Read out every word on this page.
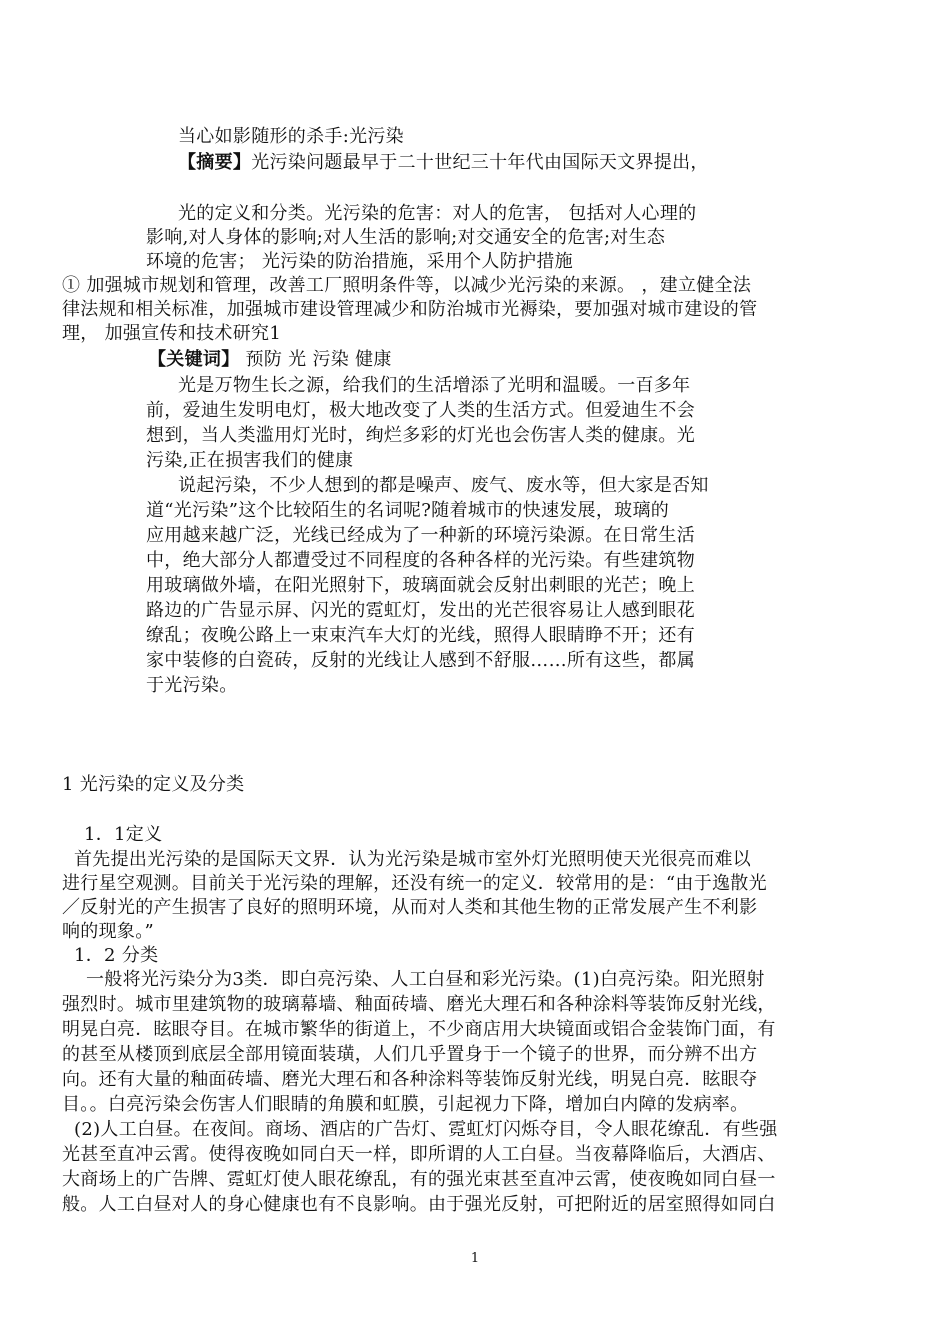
当心如影随形的杀手:光污染
【摘要】光污染问题最早于二十世纪三十年代由国际天文界提出，
光的定义和分类。光污染的危害：对人的危害， 包括对人心理的
影响,对人身体的影响;对人生活的影响;对交通安全的危害;对生态
环境的危害； 光污染的防治措施，采用个人防护措施
① 加强城市规划和管理，改善工厂照明条件等，以减少光污染的来源。 ，建立健全法
律法规和相关标准，加强城市建设管理减少和防治城市光褥染，要加强对城市建设的管
理， 加强宣传和技术研究1
【关键词】 预防 光 污染 健康
光是万物生长之源，给我们的生活增添了光明和温暖。一百多年
前，爱迪生发明电灯，极大地改变了人类的生活方式。但爱迪生不会
想到，当人类滥用灯光时，绚烂多彩的灯光也会伤害人类的健康。光
污染,正在损害我们的健康
说起污染，不少人想到的都是噪声、废气、废水等，但大家是否知
道“光污染”这个比较陌生的名词呢?随着城市的快速发展，玻璃的
应用越来越广泛，光线已经成为了一种新的环境污染源。在日常生活
中，绝大部分人都遭受过不同程度的各种各样的光污染。有些建筑物
用玻璃做外墙，在阳光照射下，玻璃面就会反射出刺眼的光芒；晚上
路边的广告显示屏、闪光的霓虹灯，发出的光芒很容易让人感到眼花
缭乱；夜晚公路上一束束汽车大灯的光线，照得人眼睛睁不开；还有
家中装修的白瓷砖，反射的光线让人感到不舒服……所有这些，都属
于光污染。
1 光污染的定义及分类
1．1定义
首先提出光污染的是国际天文界．认为光污染是城市室外灯光照明使天光很亮而难以
进行星空观测。目前关于光污染的理解，还没有统一的定义．较常用的是：“由于逸散光
／反射光的产生损害了良好的照明环境，从而对人类和其他生物的正常发展产生不利影
响的现象。”
1．2 分类
一般将光污染分为3类．即白亮污染、人工白昼和彩光污染。(1)白亮污染。阳光照射
强烈时。城市里建筑物的玻璃幕墙、釉面砖墙、磨光大理石和各种涂料等装饰反射光线，
明晃白亮．眩眼夺目。在城市繁华的街道上，不少商店用大块镜面或铝合金装饰门面，有
的甚至从楼顶到底层全部用镜面装璜，人们几乎置身于一个镜子的世界，而分辨不出方
向。还有大量的釉面砖墙、磨光大理石和各种涂料等装饰反射光线，明晃白亮．眩眼夺
目。。白亮污染会伤害人们眼睛的角膜和虹膜，引起视力下降，增加白内障的发病率。
(2)人工白昼。在夜间。商场、酒店的广告灯、霓虹灯闪烁夺目，令人眼花缭乱．有些强
光甚至直冲云霄。使得夜晚如同白天一样，即所谓的人工白昼。当夜幕降临后，大酒店、
大商场上的广告牌、霓虹灯使人眼花缭乱，有的强光束甚至直冲云霄，使夜晚如同白昼一
般。人工白昼对人的身心健康也有不良影响。由于强光反射，可把附近的居室照得如同白
1
